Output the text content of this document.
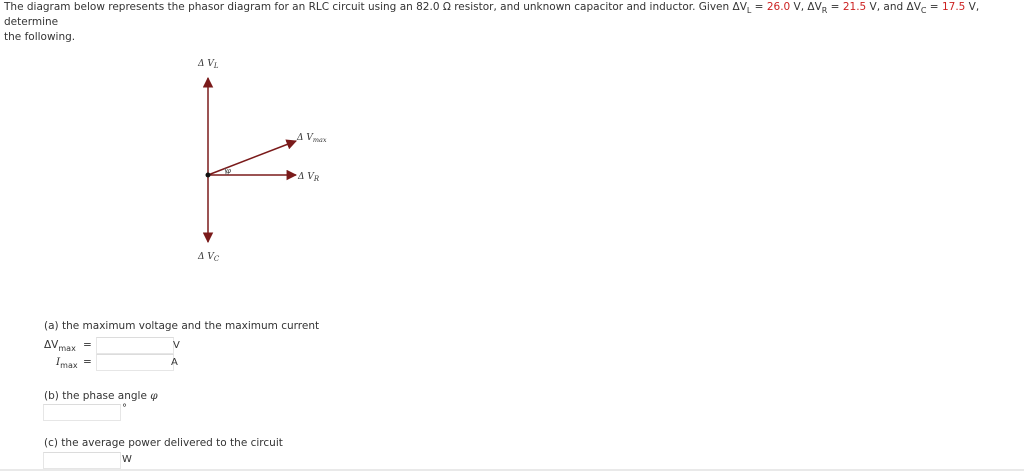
The diagram below represents the phasor diagram for an RLC circuit using an 82.0 Ω resistor, and unknown capacitor and inductor. Given $\Delta V_L = 26.0$ V, $\Delta V_R = 21.5$ V, and $\Delta V_C = 17.5$ V, determine
the following.
Δ $V_L$
Δ $V_{max}$
Δ $V_R$
Δ $V_C$
φ
(a) the maximum voltage and the maximum current
$\Delta V_{max}$ =	V
$I_{max}$ =	A
(b) the phase angle φ
°
(c) the average power delivered to the circuit
W
